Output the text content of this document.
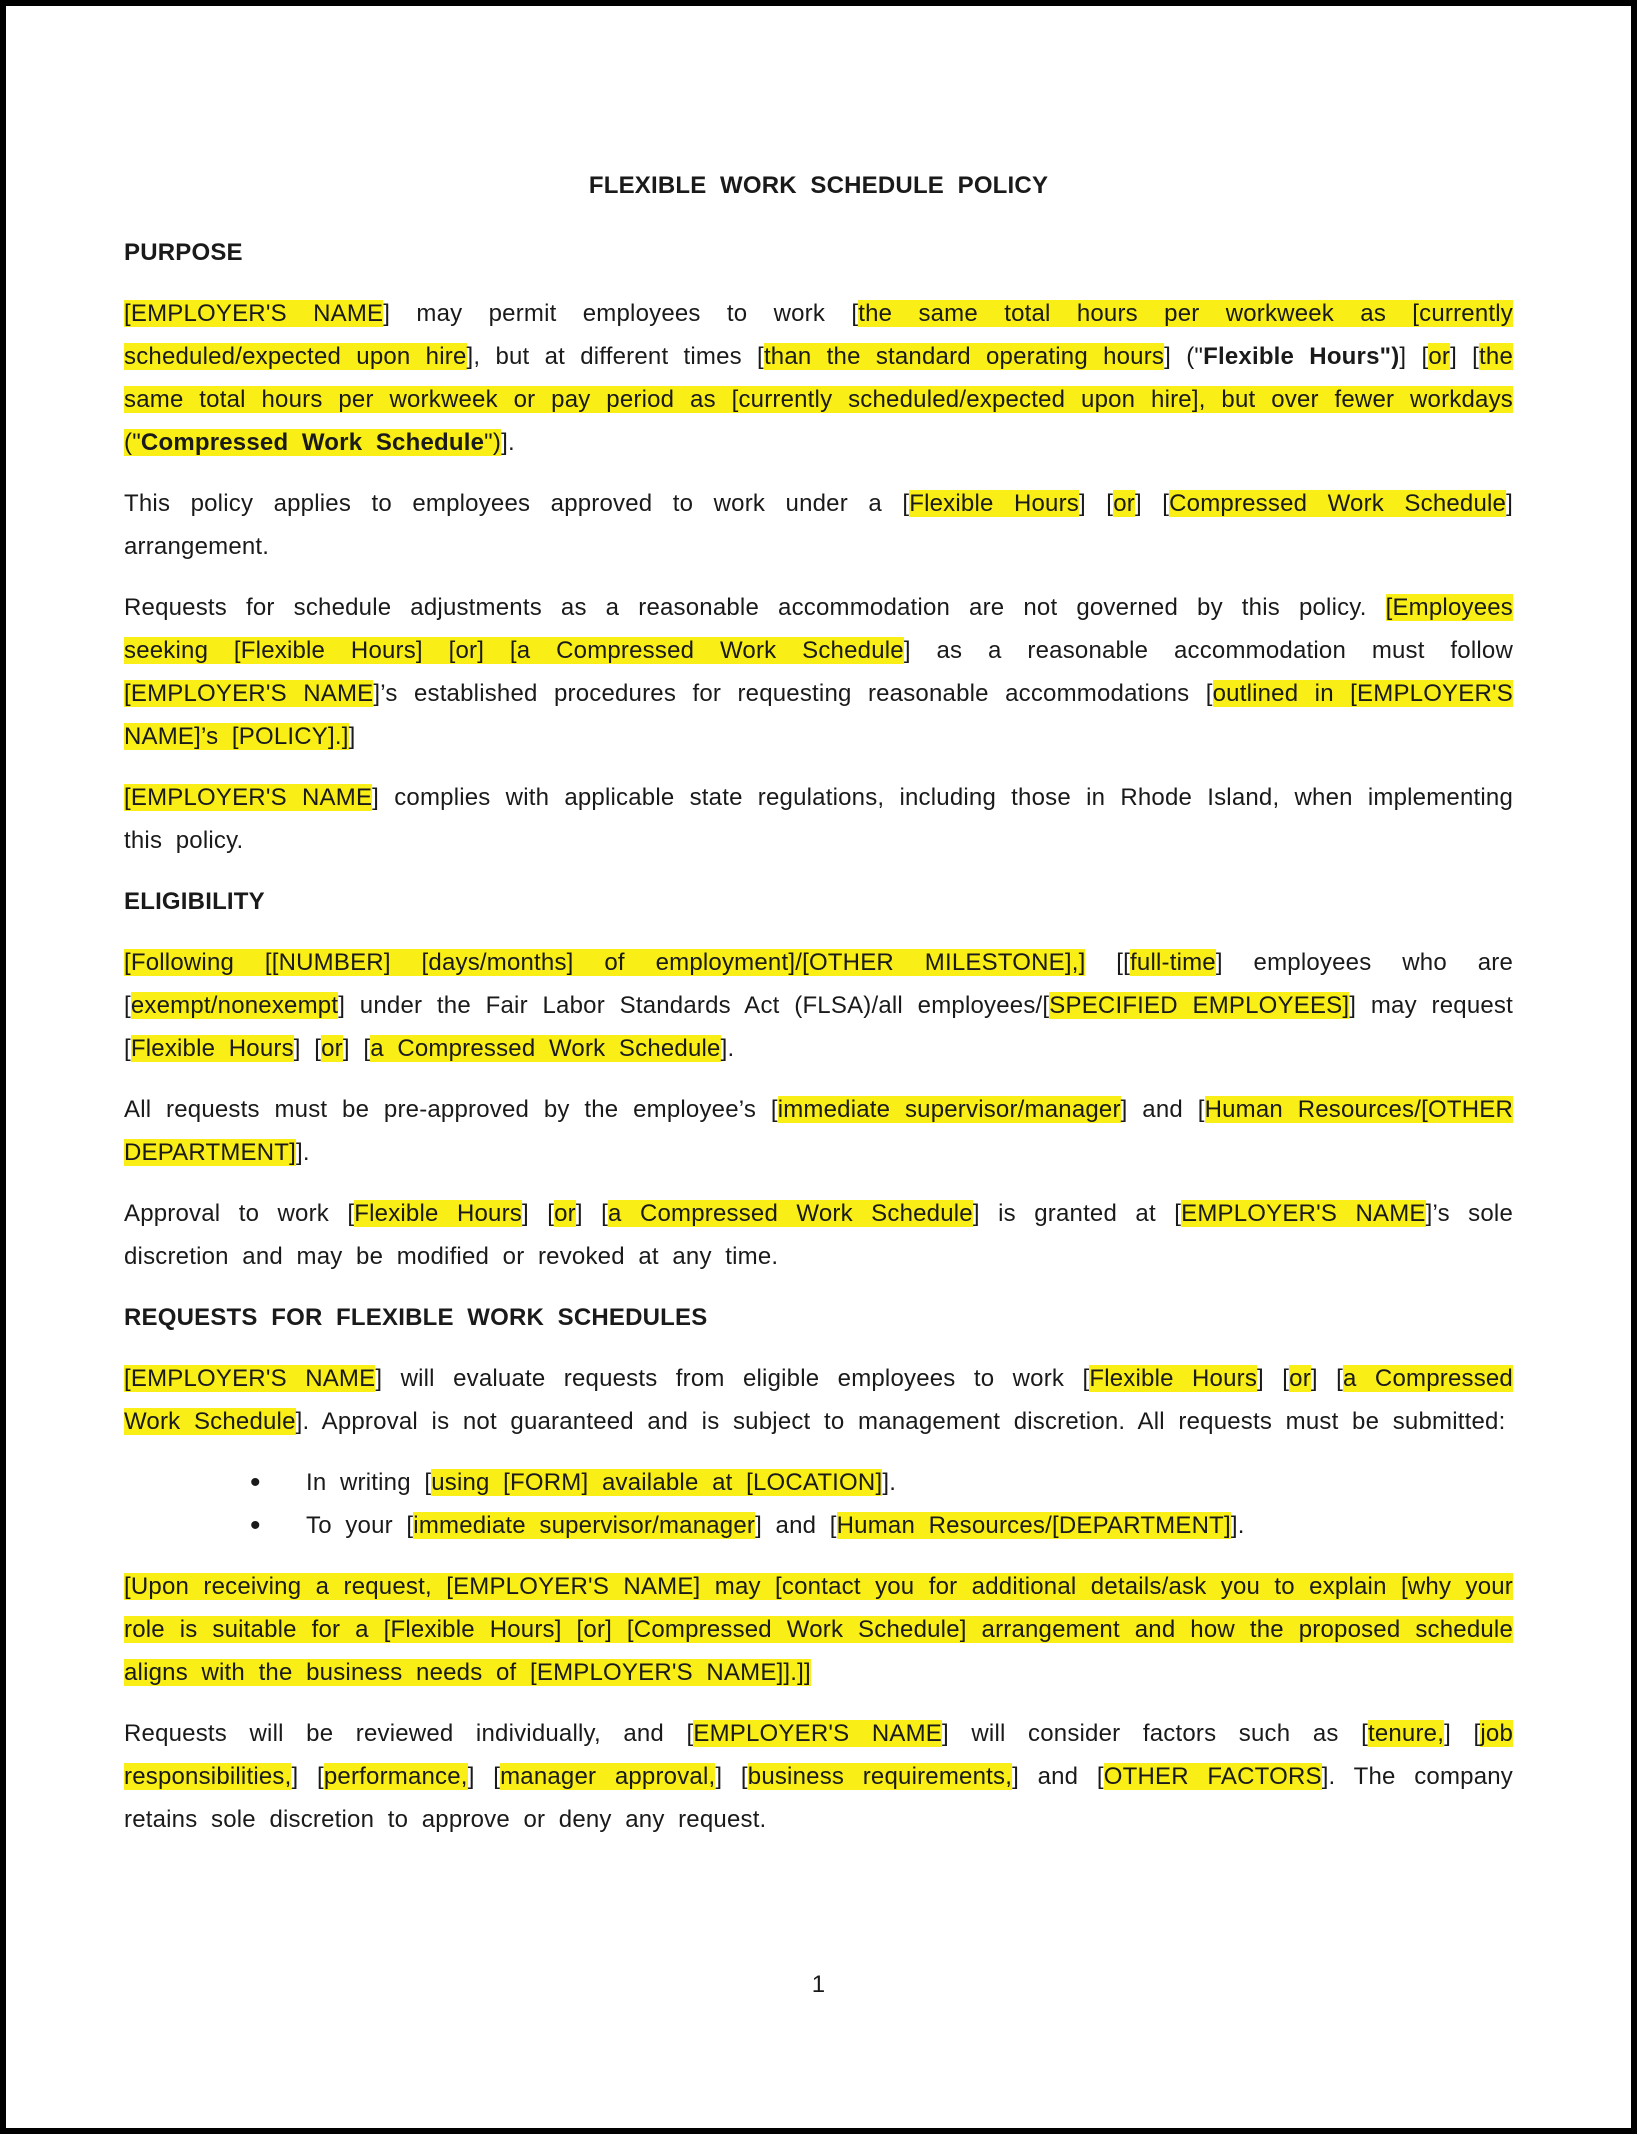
FLEXIBLE WORK SCHEDULE POLICY
PURPOSE

[EMPLOYER'S NAME] may permit employees to work [the same total hours per workweek as [currently scheduled/expected upon hire], but at different times [than the standard operating hours] ("Flexible Hours")] [or] [the same total hours per workweek or pay period as [currently scheduled/expected upon hire], but over fewer workdays ("Compressed Work Schedule")].

This policy applies to employees approved to work under a [Flexible Hours] [or] [Compressed Work Schedule] arrangement.

Requests for schedule adjustments as a reasonable accommodation are not governed by this policy. [Employees seeking [Flexible Hours] [or] [a Compressed Work Schedule] as a reasonable accommodation must follow [EMPLOYER'S NAME]’s established procedures for requesting reasonable accommodations [outlined in [EMPLOYER'S NAME]’s [POLICY].]]

[EMPLOYER'S NAME] complies with applicable state regulations, including those in Rhode Island, when implementing this policy.

ELIGIBILITY

[Following [[NUMBER] [days/months] of employment]/[OTHER MILESTONE],] [[full-time] employees who are [exempt/nonexempt] under the Fair Labor Standards Act (FLSA)/all employees/[SPECIFIED EMPLOYEES]] may request [Flexible Hours] [or] [a Compressed Work Schedule].

All requests must be pre-approved by the employee’s [immediate supervisor/manager] and [Human Resources/[OTHER DEPARTMENT]].

Approval to work [Flexible Hours] [or] [a Compressed Work Schedule] is granted at [EMPLOYER'S NAME]’s sole discretion and may be modified or revoked at any time.

REQUESTS FOR FLEXIBLE WORK SCHEDULES

[EMPLOYER'S NAME] will evaluate requests from eligible employees to work [Flexible Hours] [or] [a Compressed Work Schedule]. Approval is not guaranteed and is subject to management discretion. All requests must be submitted:

• In writing [using [FORM] available at [LOCATION]].
• To your [immediate supervisor/manager] and [Human Resources/[DEPARTMENT]].

[Upon receiving a request, [EMPLOYER'S NAME] may [contact you for additional details/ask you to explain [why your role is suitable for a [Flexible Hours] [or] [Compressed Work Schedule] arrangement and how the proposed schedule aligns with the business needs of [EMPLOYER'S NAME]].]]

Requests will be reviewed individually, and [EMPLOYER'S NAME] will consider factors such as [tenure,] [job responsibilities,] [performance,] [manager approval,] [business requirements,] and [OTHER FACTORS]. The company retains sole discretion to approve or deny any request.

1
